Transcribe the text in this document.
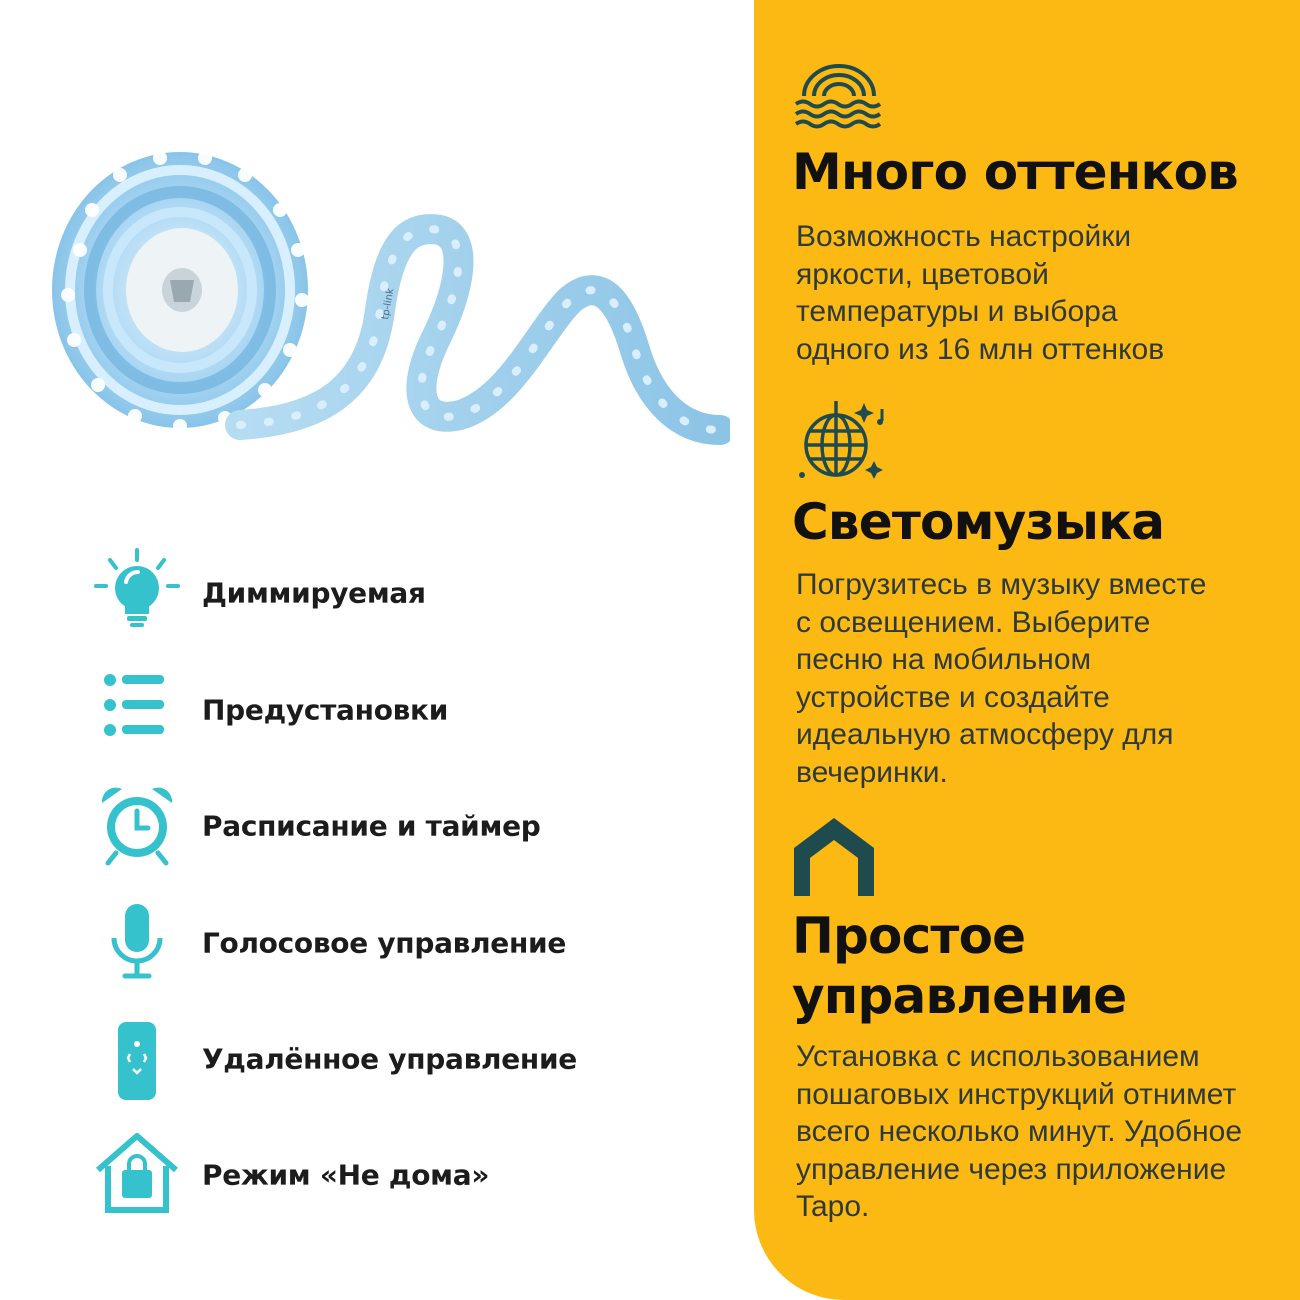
tp-link
Диммируемая
Предустановки
Расписание и таймер
Голосовое управление
Удалённое управление
Режим «Не дома»
Много оттенков
Возможность настройки
яркости, цветовой
температуры и выбора
одного из 16 млн оттенков
Светомузыка
Погрузитесь в музыку вместе
с освещением. Выберите
песню на мобильном
устройстве и создайте
идеальную атмосферу для
вечеринки.
Простое
управление
Установка с использованием
пошаговых инструкций отнимет
всего несколько минут. Удобное
управление через приложение
Tapo.
